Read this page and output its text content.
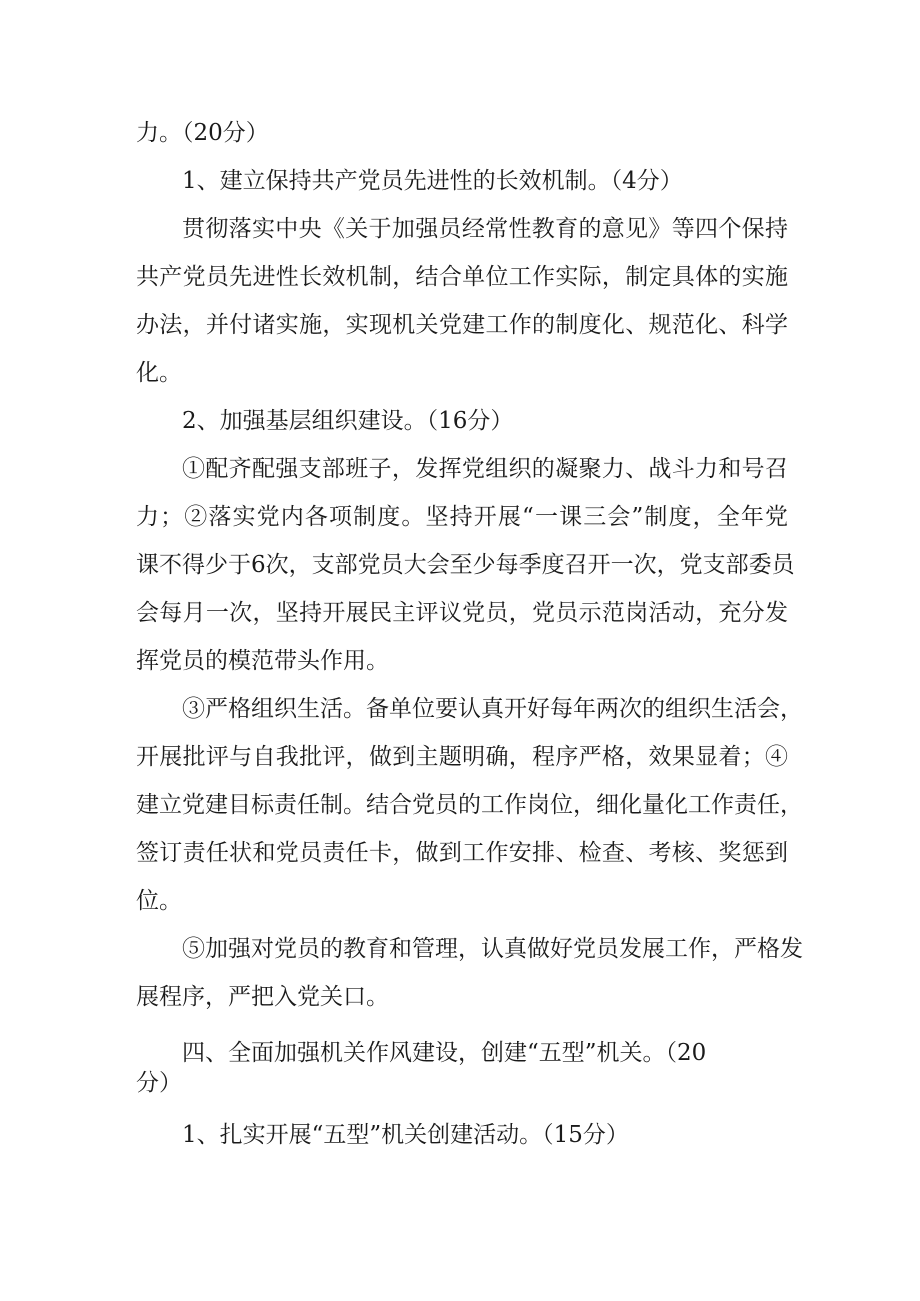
力。（20分）
1、建立保持共产党员先进性的长效机制。（4分）
贯彻落实中央《关于加强员经常性教育的意见》等四个保持
共产党员先进性长效机制，结合单位工作实际，制定具体的实施
办法，并付诸实施，实现机关党建工作的制度化、规范化、科学
化。
2、加强基层组织建设。（16分）
①配齐配强支部班子，发挥党组织的凝聚力、战斗力和号召
力；②落实党内各项制度。坚持开展“一课三会”制度，全年党
课不得少于6次，支部党员大会至少每季度召开一次，党支部委员
会每月一次，坚持开展民主评议党员，党员示范岗活动，充分发
挥党员的模范带头作用。
③严格组织生活。备单位要认真开好每年两次的组织生活会，
开展批评与自我批评，做到主题明确，程序严格，效果显着；④
建立党建目标责任制。结合党员的工作岗位，细化量化工作责任，
签订责任状和党员责任卡，做到工作安排、检查、考核、奖惩到
位。
⑤加强对党员的教育和管理，认真做好党员发展工作，严格发
展程序，严把入党关口。
四、全面加强机关作风建设，创建“五型”机关。（20
分）
1、扎实开展“五型”机关创建活动。（15分）
